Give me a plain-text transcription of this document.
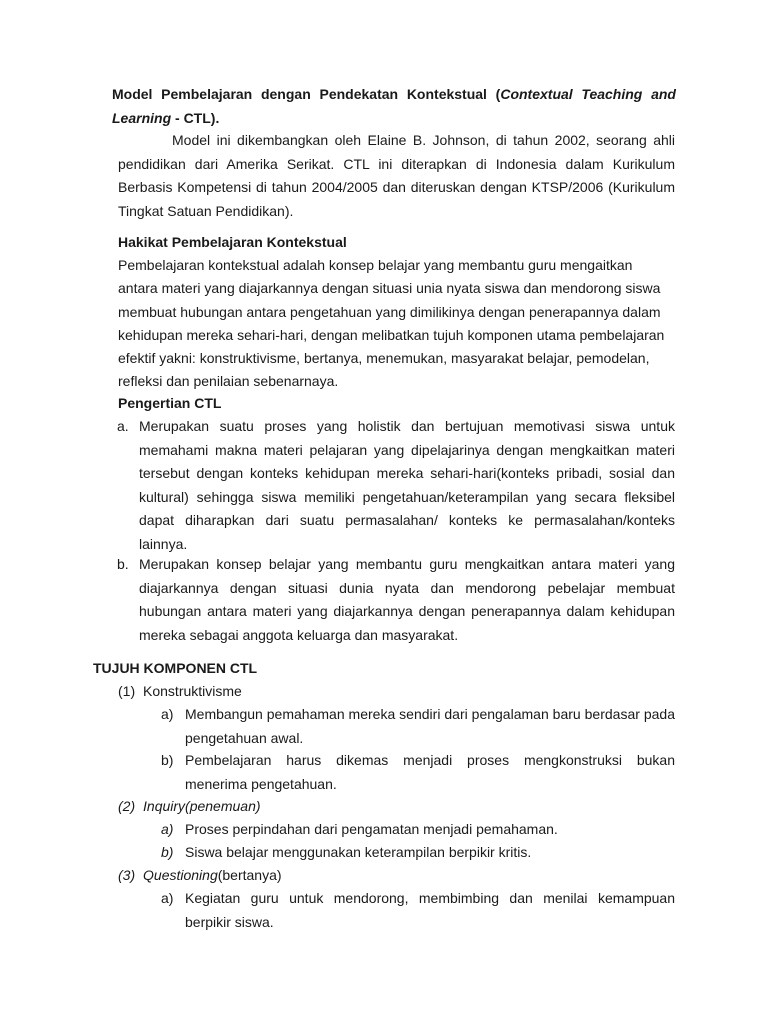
Model Pembelajaran dengan Pendekatan Kontekstual (Contextual Teaching and Learning - CTL).
Model ini dikembangkan oleh Elaine B. Johnson, di tahun 2002, seorang ahli pendidikan dari Amerika Serikat. CTL ini diterapkan di Indonesia dalam Kurikulum Berbasis Kompetensi di tahun 2004/2005 dan diteruskan dengan KTSP/2006 (Kurikulum Tingkat Satuan Pendidikan).
Hakikat Pembelajaran Kontekstual
Pembelajaran kontekstual adalah konsep belajar yang membantu guru mengaitkan
antara materi yang diajarkannya dengan situasi unia nyata siswa dan mendorong siswa
membuat hubungan antara pengetahuan yang dimilikinya dengan penerapannya dalam
kehidupan mereka sehari-hari, dengan melibatkan tujuh komponen utama pembelajaran
efektif yakni: konstruktivisme, bertanya, menemukan, masyarakat belajar, pemodelan,
refleksi dan penilaian sebenarnaya.
Pengertian CTL
a. Merupakan suatu proses yang holistik dan bertujuan memotivasi siswa untuk memahami makna materi pelajaran yang dipelajarinya dengan mengkaitkan materi tersebut dengan konteks kehidupan mereka sehari-hari(konteks pribadi, sosial dan kultural) sehingga siswa memiliki pengetahuan/keterampilan yang secara fleksibel dapat diharapkan dari suatu permasalahan/ konteks ke permasalahan/konteks lainnya.
b. Merupakan konsep belajar yang membantu guru mengkaitkan antara materi yang diajarkannya dengan situasi dunia nyata dan mendorong pebelajar membuat hubungan antara materi yang diajarkannya dengan penerapannya dalam kehidupan mereka sebagai anggota keluarga dan masyarakat.
TUJUH KOMPONEN CTL
(1) Konstruktivisme
a) Membangun pemahaman mereka sendiri dari pengalaman baru berdasar pada pengetahuan awal.
b) Pembelajaran harus dikemas menjadi proses mengkonstruksi bukan menerima pengetahuan.
(2) Inquiry(penemuan)
a) Proses perpindahan dari pengamatan menjadi pemahaman.
b) Siswa belajar menggunakan keterampilan berpikir kritis.
(3) Questioning(bertanya)
a) Kegiatan guru untuk mendorong, membimbing dan menilai kemampuan berpikir siswa.
